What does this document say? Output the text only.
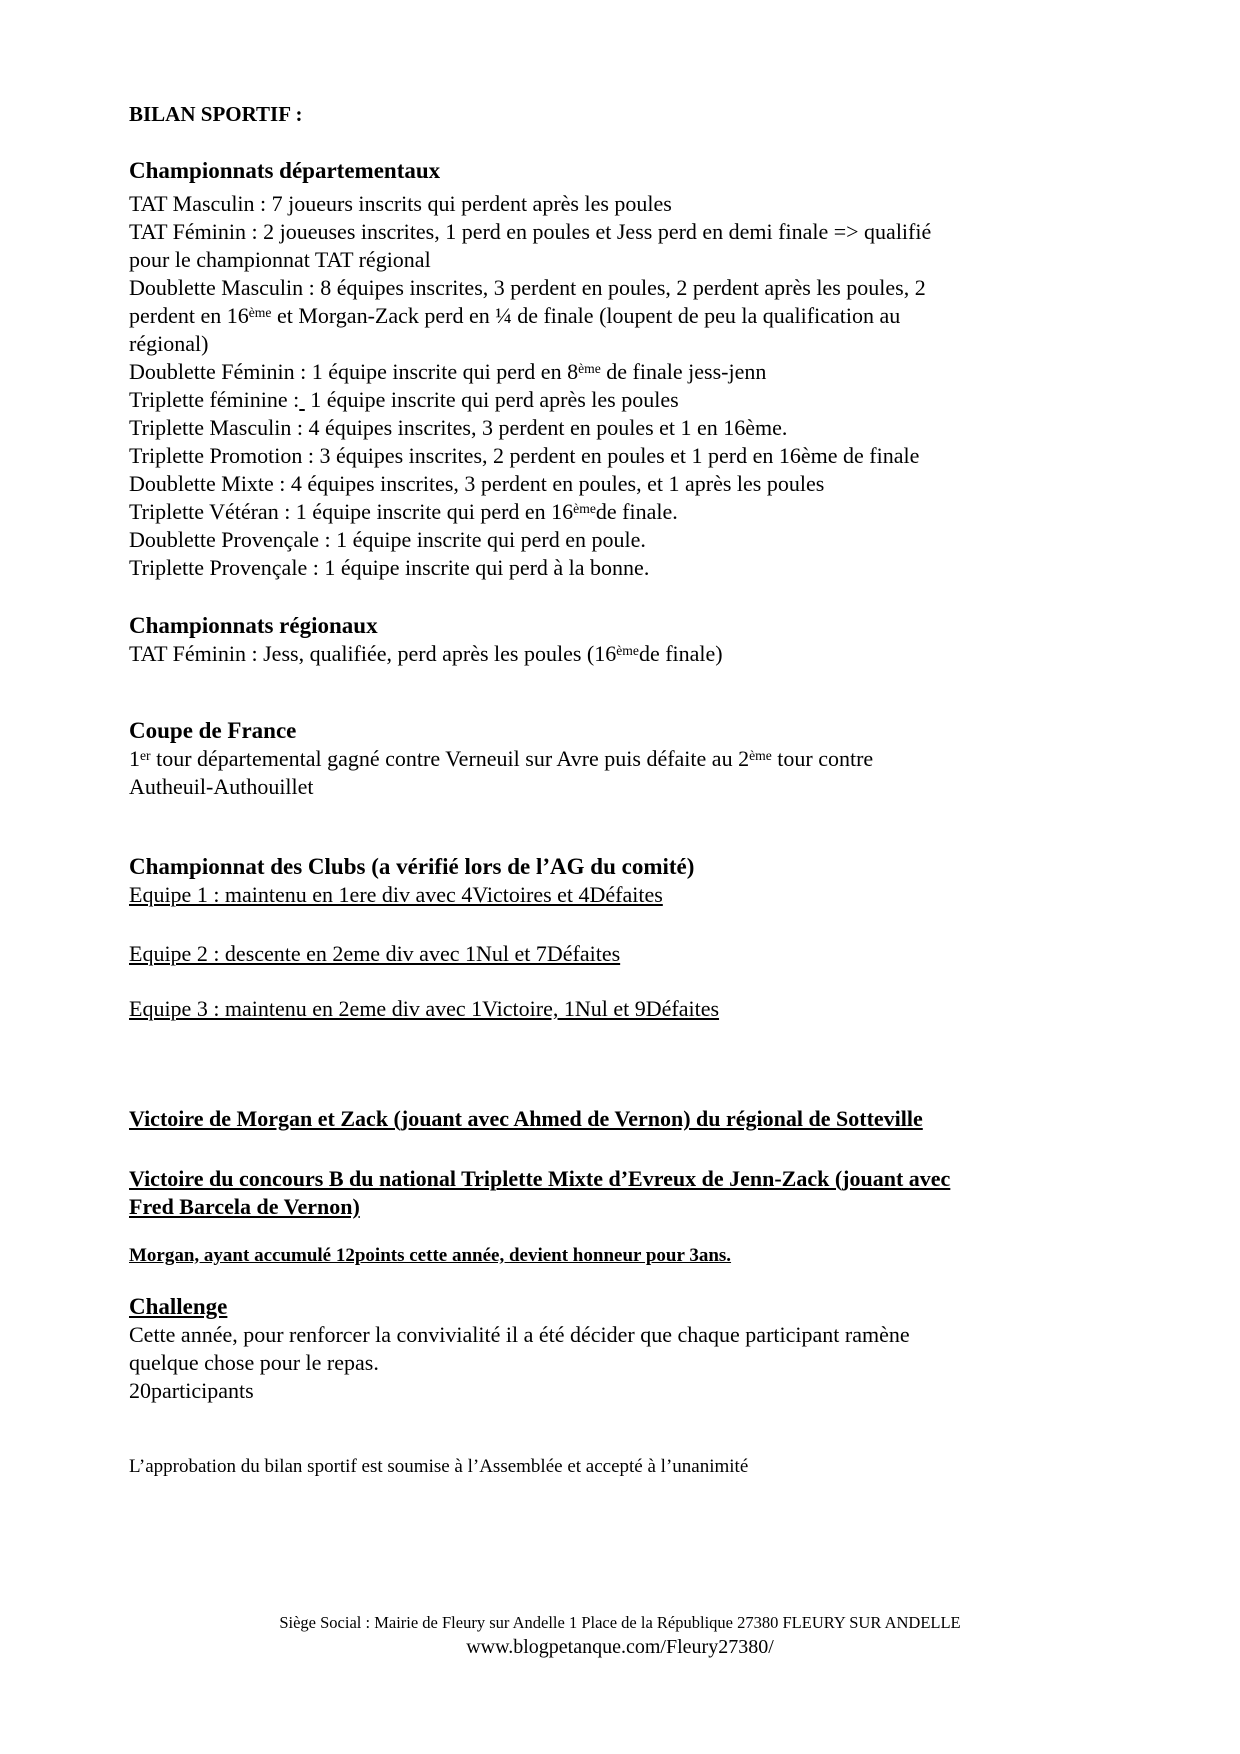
BILAN SPORTIF :
Championnats départementaux
TAT Masculin : 7 joueurs inscrits qui perdent après les poules
TAT Féminin : 2 joueuses inscrites, 1 perd en poules et Jess perd en demi finale => qualifié
pour le championnat TAT régional
Doublette Masculin : 8 équipes inscrites, 3 perdent en poules, 2 perdent après les poules, 2
perdent en 16ème et Morgan-Zack perd en ¼ de finale (loupent de peu la qualification au
régional)
Doublette Féminin : 1 équipe inscrite qui perd en 8ème de finale jess-jenn
Triplette féminine :  1 équipe inscrite qui perd après les poules
Triplette Masculin : 4 équipes inscrites, 3 perdent en poules et 1 en 16ème.
Triplette Promotion : 3 équipes inscrites, 2 perdent en poules et 1 perd en 16ème de finale
Doublette Mixte : 4 équipes inscrites, 3 perdent en poules, et 1 après les poules
Triplette Vétéran : 1 équipe inscrite qui perd en 16èmede finale.
Doublette Provençale : 1 équipe inscrite qui perd en poule.
Triplette Provençale : 1 équipe inscrite qui perd à la bonne.
Championnats régionaux
TAT Féminin : Jess, qualifiée, perd après les poules (16èmede finale)
Coupe de France
1er tour départemental gagné contre Verneuil sur Avre puis défaite au 2ème tour contre
Autheuil-Authouillet
Championnat des Clubs (a vérifié lors de l’AG du comité)
Equipe 1 : maintenu en 1ere div avec 4Victoires et 4Défaites
Equipe 2 : descente en 2eme div avec 1Nul et 7Défaites
Equipe 3 : maintenu en 2eme div avec 1Victoire, 1Nul et 9Défaites
Victoire de Morgan et Zack (jouant avec Ahmed de Vernon) du régional de Sotteville
Victoire du concours B du national Triplette Mixte d’Evreux de Jenn-Zack (jouant avec
Fred Barcela de Vernon)
Morgan, ayant accumulé 12points cette année, devient honneur pour 3ans.
Challenge
Cette année, pour renforcer la convivialité il a été décider que chaque participant ramène
quelque chose pour le repas.
20participants
L’approbation du bilan sportif est soumise à l’Assemblée et accepté à l’unanimité
Siège Social : Mairie de Fleury sur Andelle 1 Place de la République 27380 FLEURY SUR ANDELLE
www.blogpetanque.com/Fleury27380/
